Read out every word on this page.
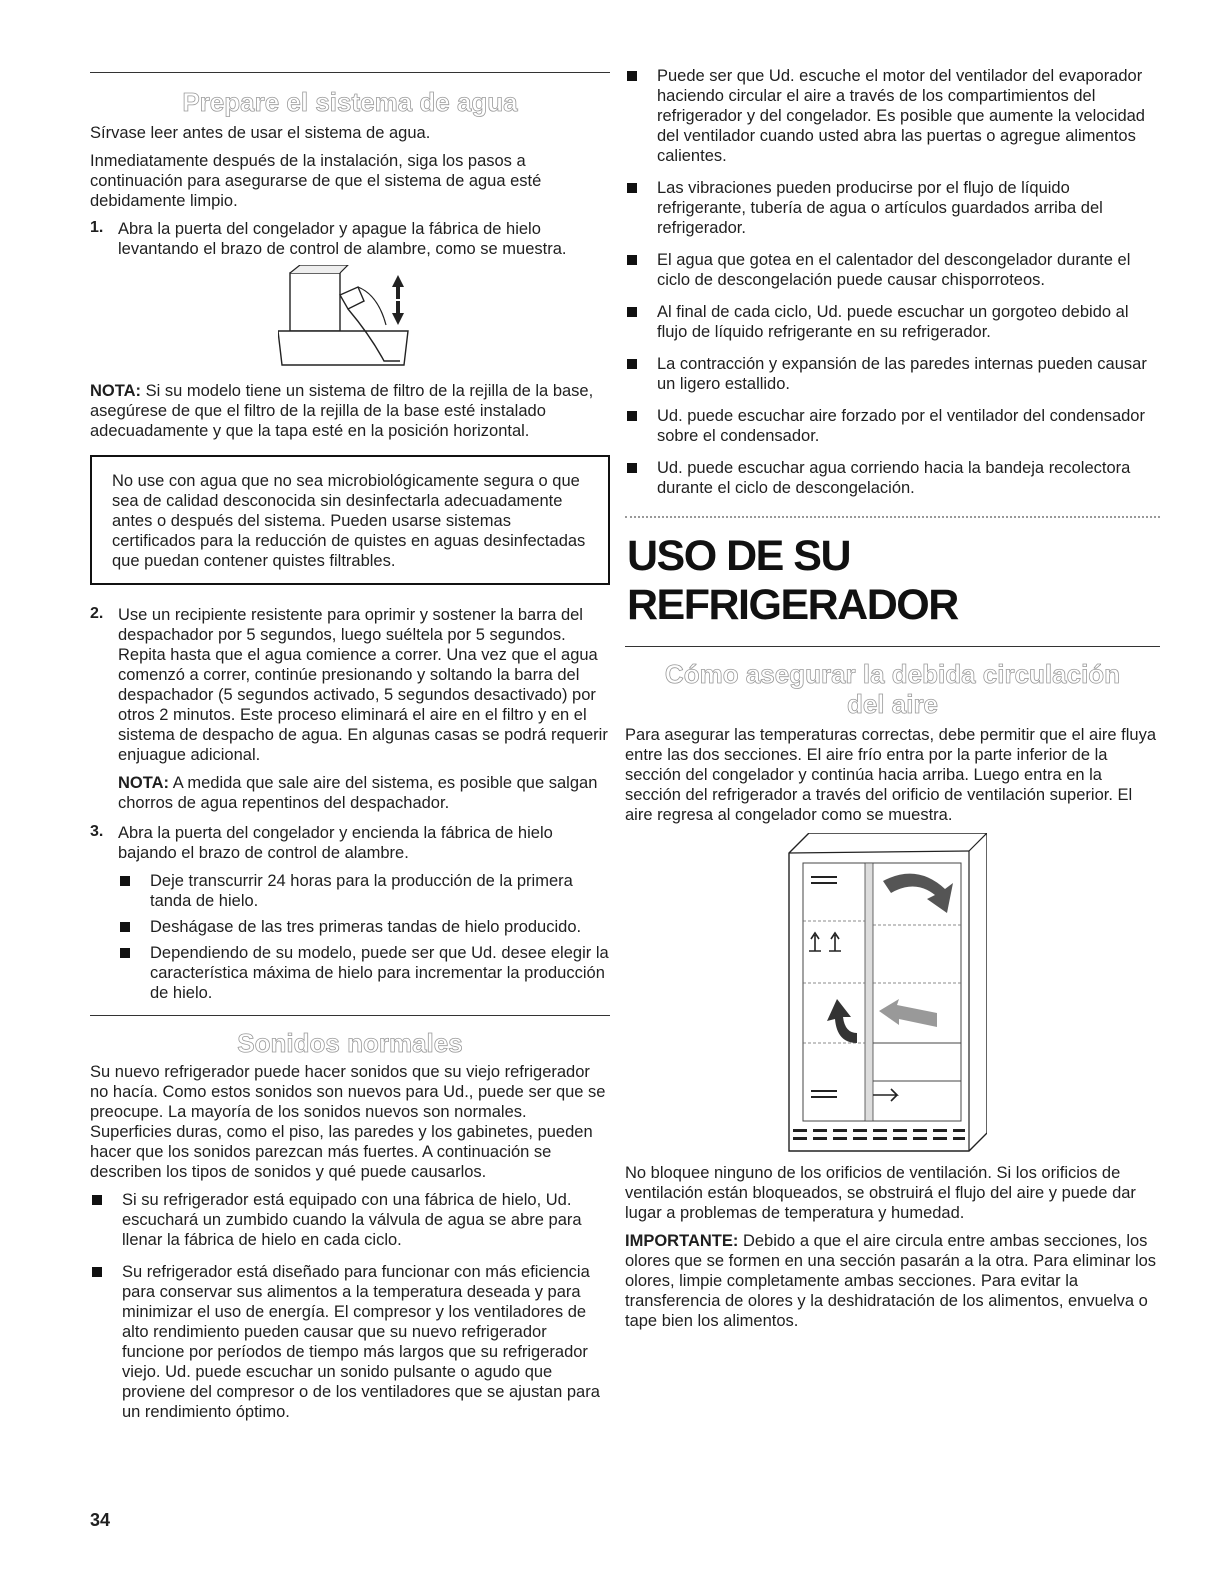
Prepare el sistema de agua

Sírvase leer antes de usar el sistema de agua.

Inmediatamente después de la instalación, siga los pasos a continuación para asegurarse de que el sistema de agua esté debidamente limpio.

1. Abra la puerta del congelador y apague la fábrica de hielo levantando el brazo de control de alambre, como se muestra.

NOTA: Si su modelo tiene un sistema de filtro de la rejilla de la base, asegúrese de que el filtro de la rejilla de la base esté instalado adecuadamente y que la tapa esté en la posición horizontal.

No use con agua que no sea microbiológicamente segura o que sea de calidad desconocida sin desinfectarla adecuadamente antes o después del sistema. Pueden usarse sistemas certificados para la reducción de quistes en aguas desinfectadas que puedan contener quistes filtrables.

2. Use un recipiente resistente para oprimir y sostener la barra del despachador por 5 segundos, luego suéltela por 5 segundos. Repita hasta que el agua comience a correr. Una vez que el agua comenzó a correr, continúe presionando y soltando la barra del despachador (5 segundos activado, 5 segundos desactivado) por otros 2 minutos. Este proceso eliminará el aire en el filtro y en el sistema de despacho de agua. En algunas casas se podrá requerir enjuague adicional.

NOTA: A medida que sale aire del sistema, es posible que salgan chorros de agua repentinos del despachador.

3. Abra la puerta del congelador y encienda la fábrica de hielo bajando el brazo de control de alambre.

Deje transcurrir 24 horas para la producción de la primera tanda de hielo.

Deshágase de las tres primeras tandas de hielo producido.

Dependiendo de su modelo, puede ser que Ud. desee elegir la característica máxima de hielo para incrementar la producción de hielo.

Sonidos normales

Su nuevo refrigerador puede hacer sonidos que su viejo refrigerador no hacía. Como estos sonidos son nuevos para Ud., puede ser que se preocupe. La mayoría de los sonidos nuevos son normales. Superficies duras, como el piso, las paredes y los gabinetes, pueden hacer que los sonidos parezcan más fuertes. A continuación se describen los tipos de sonidos y qué puede causarlos.

Si su refrigerador está equipado con una fábrica de hielo, Ud. escuchará un zumbido cuando la válvula de agua se abre para llenar la fábrica de hielo en cada ciclo.

Su refrigerador está diseñado para funcionar con más eficiencia para conservar sus alimentos a la temperatura deseada y para minimizar el uso de energía. El compresor y los ventiladores de alto rendimiento pueden causar que su nuevo refrigerador funcione por períodos de tiempo más largos que su refrigerador viejo. Ud. puede escuchar un sonido pulsante o agudo que proviene del compresor o de los ventiladores que se ajustan para un rendimiento óptimo.

Puede ser que Ud. escuche el motor del ventilador del evaporador haciendo circular el aire a través de los compartimientos del refrigerador y del congelador. Es posible que aumente la velocidad del ventilador cuando usted abra las puertas o agregue alimentos calientes.

Las vibraciones pueden producirse por el flujo de líquido refrigerante, tubería de agua o artículos guardados arriba del refrigerador.

El agua que gotea en el calentador del descongelador durante el ciclo de descongelación puede causar chisporroteos.

Al final de cada ciclo, Ud. puede escuchar un gorgoteo debido al flujo de líquido refrigerante en su refrigerador.

La contracción y expansión de las paredes internas pueden causar un ligero estallido.

Ud. puede escuchar aire forzado por el ventilador del condensador sobre el condensador.

Ud. puede escuchar agua corriendo hacia la bandeja recolectora durante el ciclo de descongelación.

USO DE SU REFRIGERADOR
Cómo asegurar la debida circulación
del aire

Para asegurar las temperaturas correctas, debe permitir que el aire fluya entre las dos secciones. El aire frío entra por la parte inferior de la sección del congelador y continúa hacia arriba. Luego entra en la sección del refrigerador a través del orificio de ventilación superior. El aire regresa al congelador como se muestra.

No bloquee ninguno de los orificios de ventilación. Si los orificios de ventilación están bloqueados, se obstruirá el flujo del aire y puede dar lugar a problemas de temperatura y humedad.

IMPORTANTE: Debido a que el aire circula entre ambas secciones, los olores que se formen en una sección pasarán a la otra. Para eliminar los olores, limpie completamente ambas secciones. Para evitar la transferencia de olores y la deshidratación de los alimentos, envuelva o tape bien los alimentos.

34
